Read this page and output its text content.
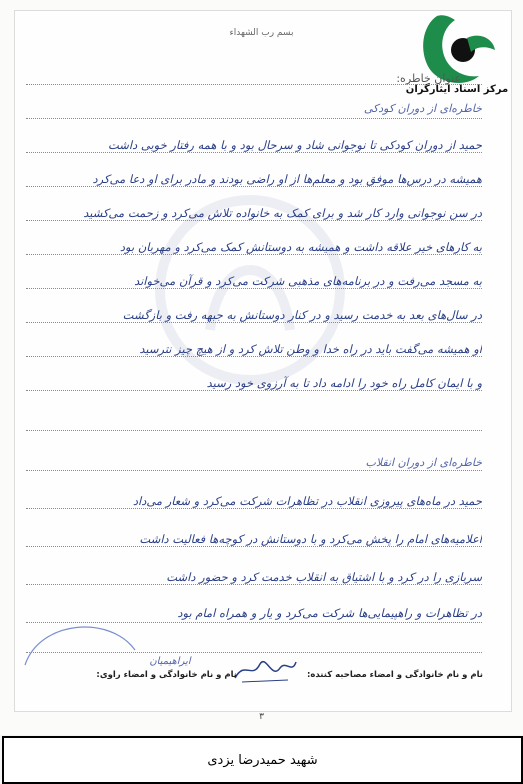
بسم رب الشهداء
مرکز اسناد ایثارگران
عنوان خاطره:
خاطره‌ای از دوران کودکی
حمید از دوران کودکی تا نوجوانی شاد و سرحال بود و با همه رفتار خوبی داشت
همیشه در درس‌ها موفق بود و معلم‌ها از او راضی بودند و مادر برای او دعا می‌کرد
در سن نوجوانی وارد کار شد و برای کمک به خانواده تلاش می‌کرد و زحمت می‌کشید
به کارهای خیر علاقه داشت و همیشه به دوستانش کمک می‌کرد و مهربان بود
به مسجد می‌رفت و در برنامه‌های مذهبی شرکت می‌کرد و قرآن می‌خواند
در سال‌های بعد به خدمت رسید و در کنار دوستانش به جبهه رفت و بازگشت
او همیشه می‌گفت باید در راه خدا و وطن تلاش کرد و از هیچ چیز نترسید
و با ایمان کامل راه خود را ادامه داد تا به آرزوی خود رسید
خاطره‌ای از دوران انقلاب
حمید در ماه‌های پیروزی انقلاب در تظاهرات شرکت می‌کرد و شعار می‌داد
اعلامیه‌های امام را پخش می‌کرد و با دوستانش در کوچه‌ها فعالیت داشت
سربازی را در کرد و با اشتیاق به انقلاب خدمت کرد و حضور داشت
در تظاهرات و راهپیمایی‌ها شرکت می‌کرد و یار و همراه امام بود
ایراهیمیان
نام و نام خانوادگی و امضاء راوی:	نام و نام خانوادگی و امضاء مصاحبه کننده:
۳
شهید حمیدرضا یزدی
